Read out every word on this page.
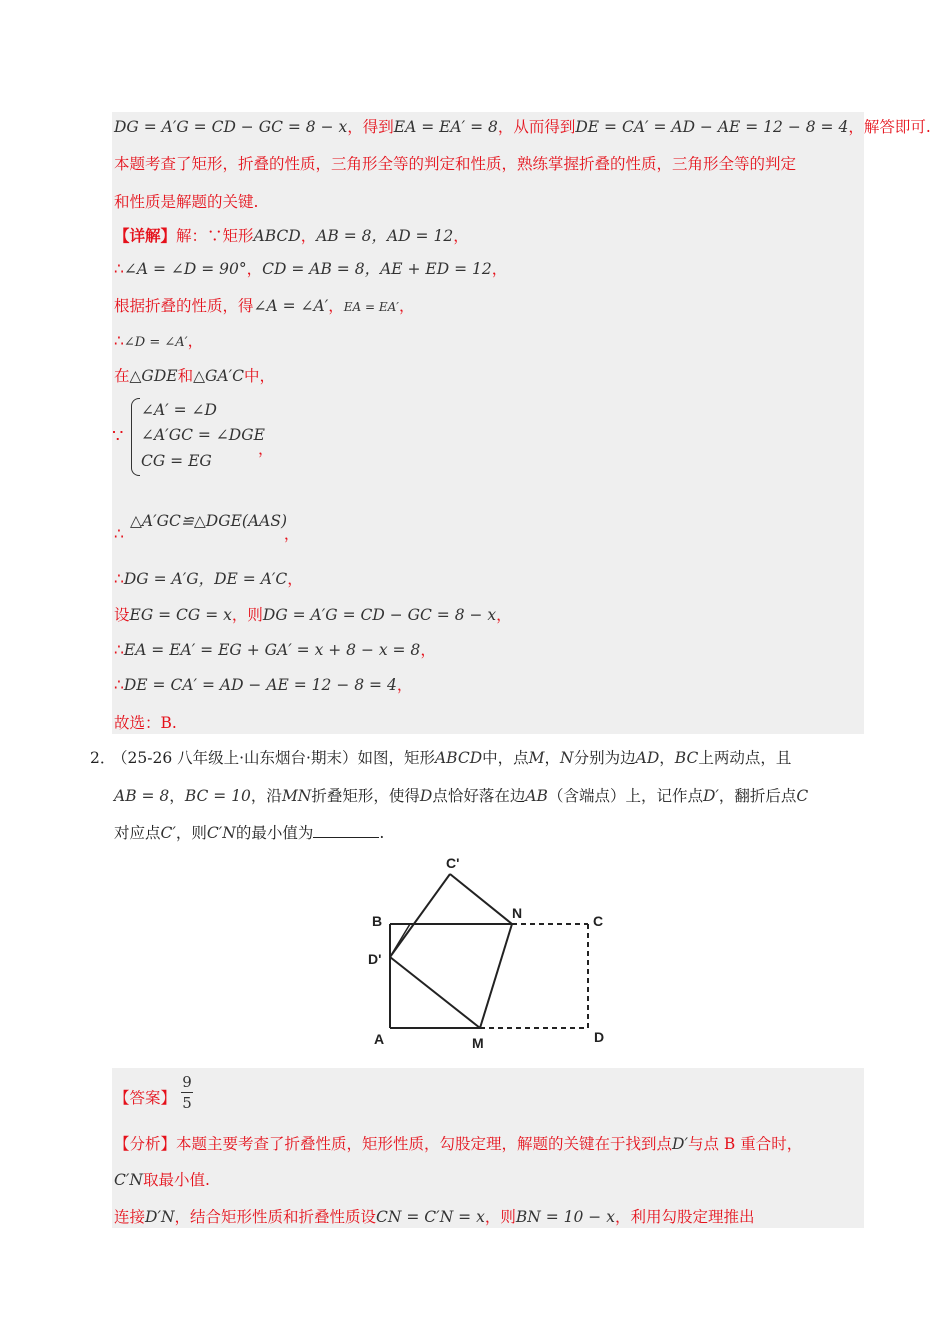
DG = A′G = CD − GC = 8 − x，得到EA = EA′ = 8，从而得到DE = CA′ = AD − AE = 12 − 8 = 4，解答即可.
本题考查了矩形，折叠的性质，三角形全等的判定和性质，熟练掌握折叠的性质，三角形全等的判定
和性质是解题的关键.
【详解】解：∵矩形ABCD，AB = 8，AD = 12，
∴∠A = ∠D = 90°，CD = AB = 8，AE + ED = 12，
根据折叠的性质，得∠A = ∠A′，EA = EA′，
∴∠D = ∠A′，
在△GDE和△GA′C中，
∵
∠A′ = ∠D
∠A′GC = ∠DGE
CG = EG
，
△A′GC≌△DGE(AAS)
∴	，
∴DG = A′G，DE = A′C，
设EG = CG = x，则DG = A′G = CD − GC = 8 − x，
∴EA = EA′ = EG + GA′ = x + 8 − x = 8，
∴DE = CA′ = AD − AE = 12 − 8 = 4，
故选：B.
2．
（25-26 八年级上·山东烟台·期末）如图，矩形ABCD中，点M，N分别为边AD，BC上两动点，且
AB = 8，BC = 10，沿MN折叠矩形，使得D点恰好落在边AB（含端点）上，记作点D′，翻折后点C
对应点C′，则C′N的最小值为	.
C'
B	N	C
D'
A	M	D
【答案】
9
5
【分析】本题主要考查了折叠性质，矩形性质，勾股定理，解题的关键在于找到点D′与点 B 重合时，
C′N取最小值.
连接D′N，结合矩形性质和折叠性质设CN = C′N = x，则BN = 10 − x，利用勾股定理推出
